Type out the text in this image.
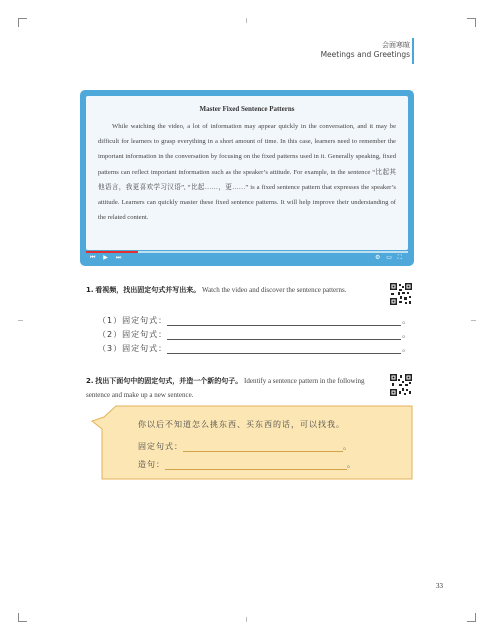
会面寒暄
Meetings and Greetings
Master Fixed Sentence Patterns
While watching the video, a lot of information may appear quickly in the conversation, and it may be difficult for learners to grasp everything in a short amount of time. In this case, learners need to remember the important information in the conversation by focusing on the fixed patterns used in it. Generally speaking, fixed patterns can reflect important information such as the speaker’s attitude. For example, in the sentence “比起其他语言，我更喜欢学习汉语”, “比起……，更……” is a fixed sentence pattern that expresses the speaker’s attitude. Learners can quickly master these fixed sentence patterns. It will help improve their understanding of the related content.
⏮ ▶ ⏭	⚙ ▭ ⛶
1. 看视频，找出固定句式并写出来。 Watch the video and discover the sentence patterns.
（1）固定句式：	。
（2）固定句式：	。
（3）固定句式：	。
2. 找出下面句中的固定句式，并造一个新的句子。 Identify a sentence pattern in the following sentence and make up a new sentence.
你以后不知道怎么挑东西、买东西的话，可以找我。
固定句式：	。
造句：	。
33
